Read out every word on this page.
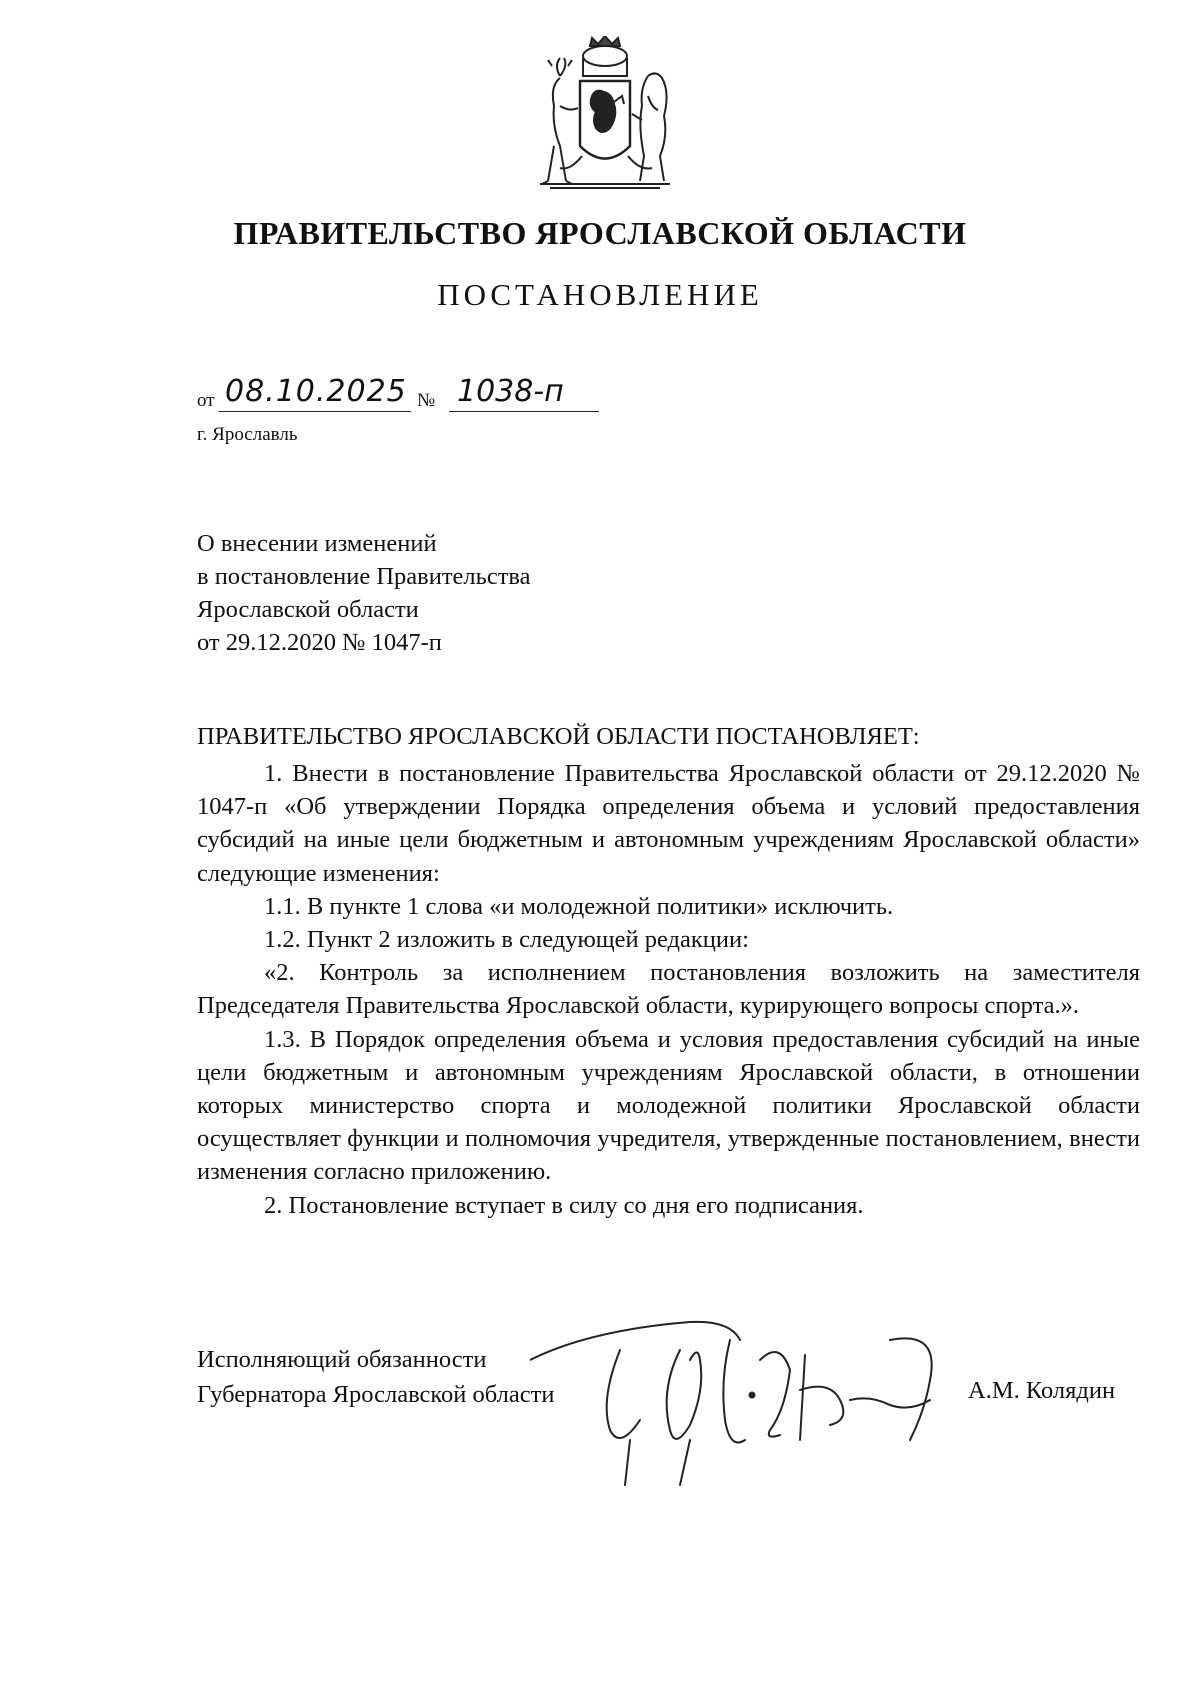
ПРАВИТЕЛЬСТВО ЯРОСЛАВСКОЙ ОБЛАСТИ
ПОСТАНОВЛЕНИЕ
от 08.10.2025 № 1038-п
г. Ярославль
О внесении изменений
в постановление Правительства
Ярославской области
от 29.12.2020 № 1047-п
ПРАВИТЕЛЬСТВО ЯРОСЛАВСКОЙ ОБЛАСТИ ПОСТАНОВЛЯЕТ:

1. Внести в постановление Правительства Ярославской области от 29.12.2020 № 1047-п «Об утверждении Порядка определения объема и условий предоставления субсидий на иные цели бюджетным и автономным учреждениям Ярославской области» следующие изменения:

1.1. В пункте 1 слова «и молодежной политики» исключить.

1.2. Пункт 2 изложить в следующей редакции:

«2. Контроль за исполнением постановления возложить на заместителя Председателя Правительства Ярославской области, курирующего вопросы спорта.».

1.3. В Порядок определения объема и условия предоставления субсидий на иные цели бюджетным и автономным учреждениям Ярославской области, в отношении которых министерство спорта и молодежной политики Ярославской области осуществляет функции и полномочия учредителя, утвержденные постановлением, внести изменения согласно приложению.

2. Постановление вступает в силу со дня его подписания.

Исполняющий обязанности
Губернатора Ярославской области	А.М. Колядин
